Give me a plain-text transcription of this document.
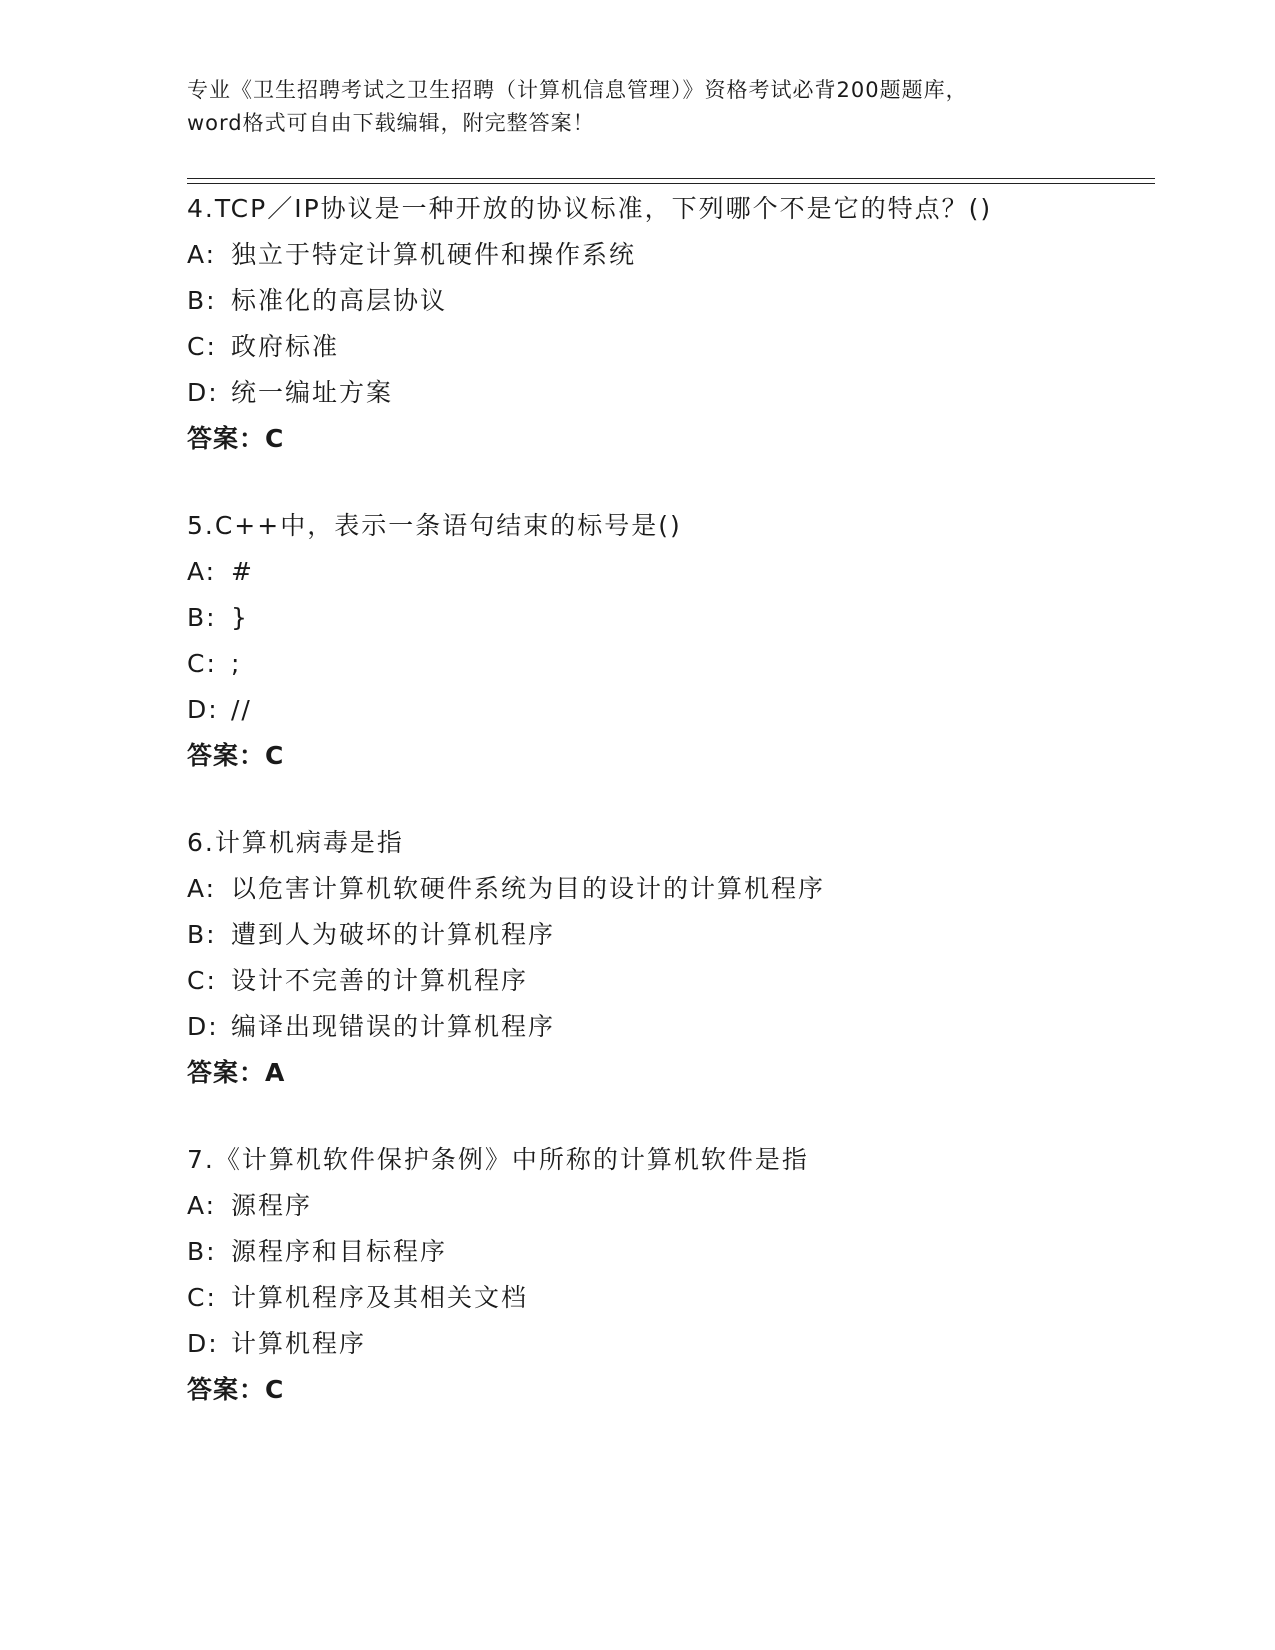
专业《卫生招聘考试之卫生招聘（计算机信息管理）》资格考试必背200题题库，
word格式可自由下载编辑，附完整答案！
4.TCP／IP协议是一种开放的协议标准，下列哪个不是它的特点？()
A: 独立于特定计算机硬件和操作系统
B: 标准化的高层协议
C: 政府标准
D: 统一编址方案
答案：C
5.C++中，表示一条语句结束的标号是()
A: #
B: }
C: ;
D: //
答案：C
6.计算机病毒是指
A: 以危害计算机软硬件系统为目的设计的计算机程序
B: 遭到人为破坏的计算机程序
C: 设计不完善的计算机程序
D: 编译出现错误的计算机程序
答案：A
7.《计算机软件保护条例》中所称的计算机软件是指
A: 源程序
B: 源程序和目标程序
C: 计算机程序及其相关文档
D: 计算机程序
答案：C
